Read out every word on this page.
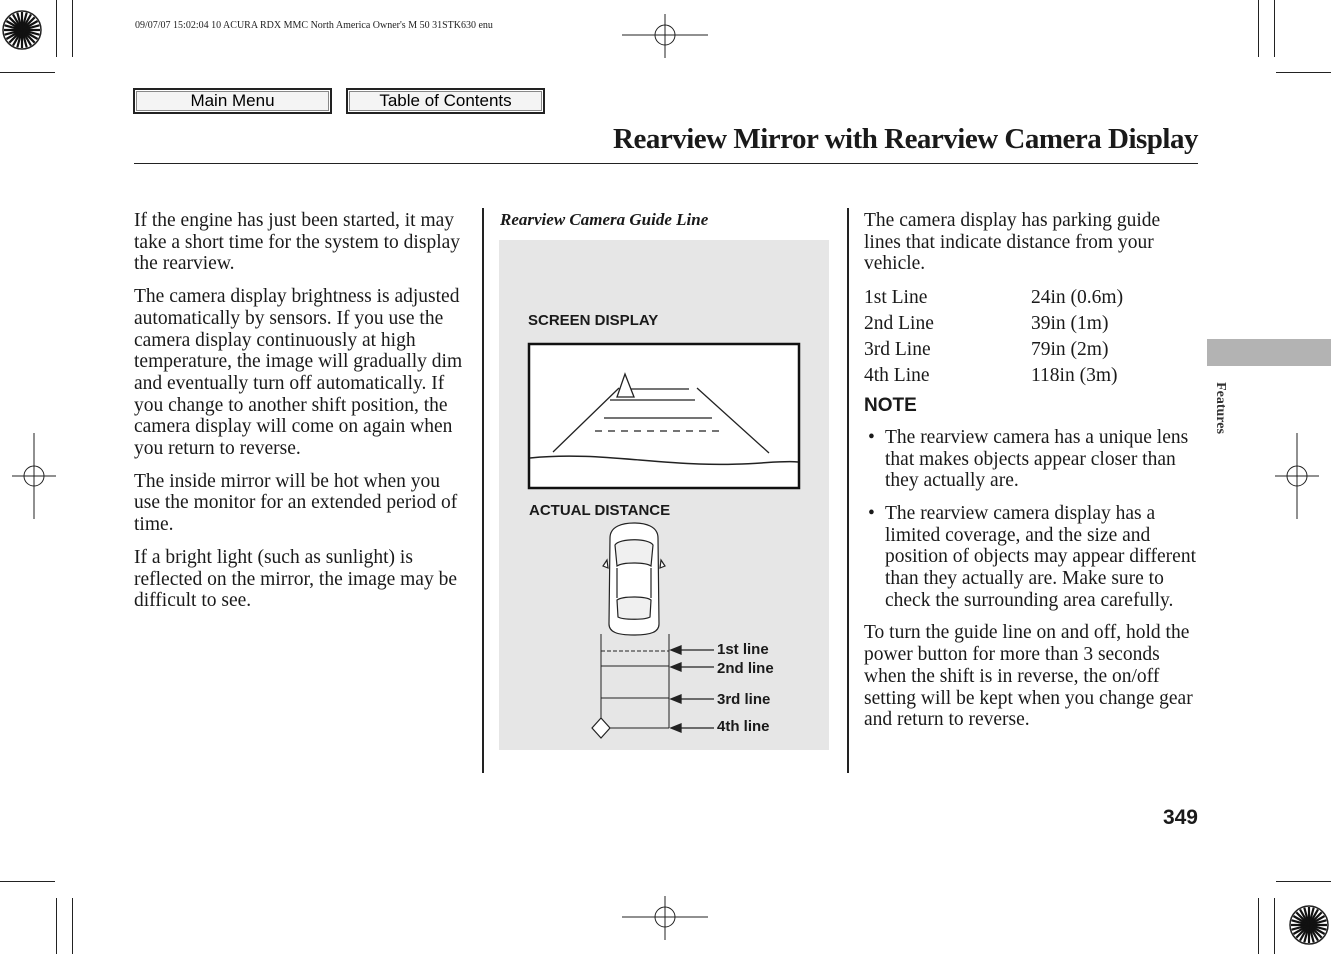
09/07/07 15:02:04 10 ACURA RDX MMC North America Owner's M 50 31STK630 enu
Main Menu	Table of Contents
Rearview Mirror with Rearview Camera Display

If the engine has just been started, it may take a short time for the system to display the rearview.

The camera display brightness is adjusted automatically by sensors. If you use the camera display continuously at high temperature, the image will gradually dim and eventually turn off automatically. If you change to another shift position, the camera display will come on again when you return to reverse.

The inside mirror will be hot when you use the monitor for an extended period of time.

If a bright light (such as sunlight) is reflected on the mirror, the image may be difficult to see.

Rearview Camera Guide Line
SCREEN DISPLAY
ACTUAL DISTANCE
1st line
2nd line
3rd line
4th line

The camera display has parking guide lines that indicate distance from your vehicle.

1st Line	24in (0.6m)
2nd Line	39in (1m)
3rd Line	79in (2m)
4th Line	118in (3m)
NOTE
• The rearview camera has a unique lens that makes objects appear closer than they actually are.
• The rearview camera display has a limited coverage, and the size and position of objects may appear different than they actually are. Make sure to check the surrounding area carefully.

To turn the guide line on and off, hold the power button for more than 3 seconds when the shift is in reverse, the on/off setting will be kept when you change gear and return to reverse.

Features
349
